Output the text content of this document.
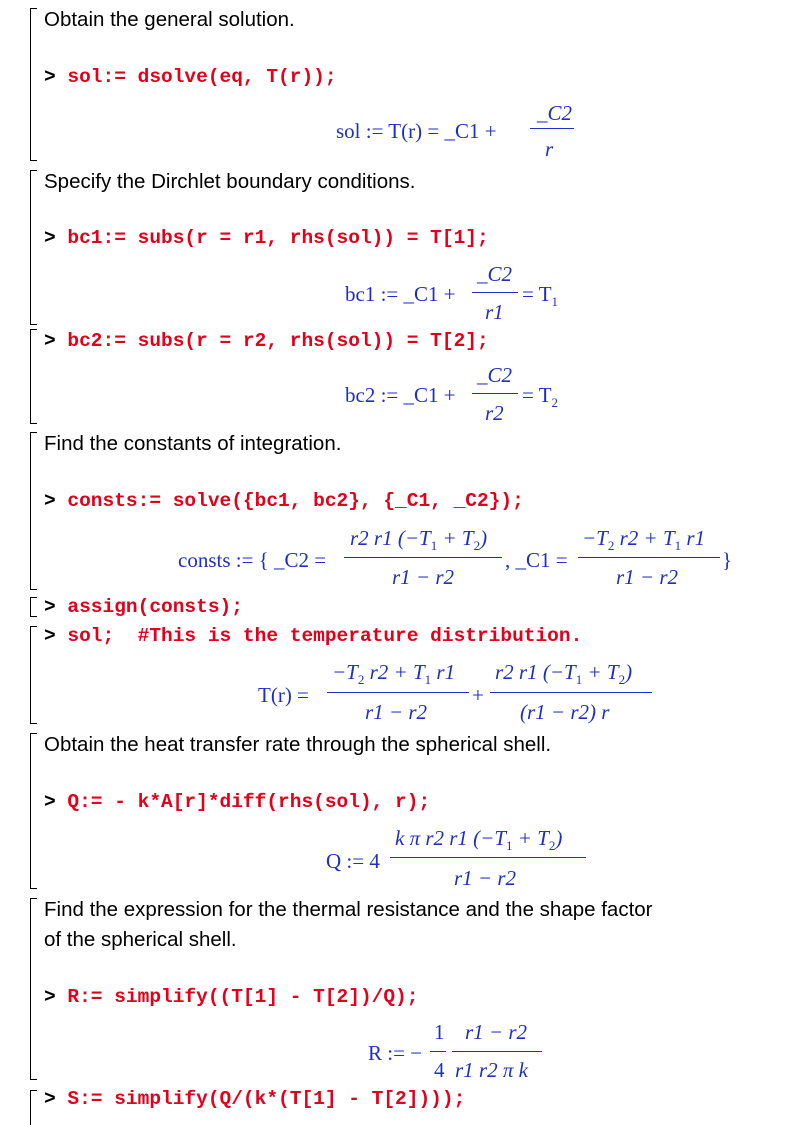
Obtain the general solution.
> sol:= dsolve(eq, T(r));
sol := T(r) = _C1 +
_C2
r
Specify the Dirchlet boundary conditions.
> bc1:= subs(r = r1, rhs(sol)) = T[1];
bc1 := _C1 +
_C2
r1
= $T_1$
> bc2:= subs(r = r2, rhs(sol)) = T[2];
bc2 := _C1 +
_C2
r2
= $T_2$
Find the constants of integration.
> consts:= solve({bc1, bc2}, {_C1, _C2});
consts := { _C2 =
r2 r1 $(-T_1 + T_2)$
r1 − r2
, _C1 =
$-T_2$ $r2 + T_1$ r1
r1 − r2
}
> assign(consts);
> sol;  #This is the temperature distribution.
T(r) =
$-T_2$ $r2 + T_1$ r1
r1 − r2
+
r2 r1 $(-T_1 + T_2)$
(r1 − r2) r
Obtain the heat transfer rate through the spherical shell.
> Q:= - k*A[r]*diff(rhs(sol), r);
Q := 4
k π r2 r1 $(-T_1 + T_2)$
r1 − r2
Find the expression for the thermal resistance and the shape factor
of the spherical shell.
> R:= simplify((T[1] - T[2])/Q);
R := −
1
4
r1 − r2
r1 r2 π k
> S:= simplify(Q/(k*(T[1] - T[2])));
